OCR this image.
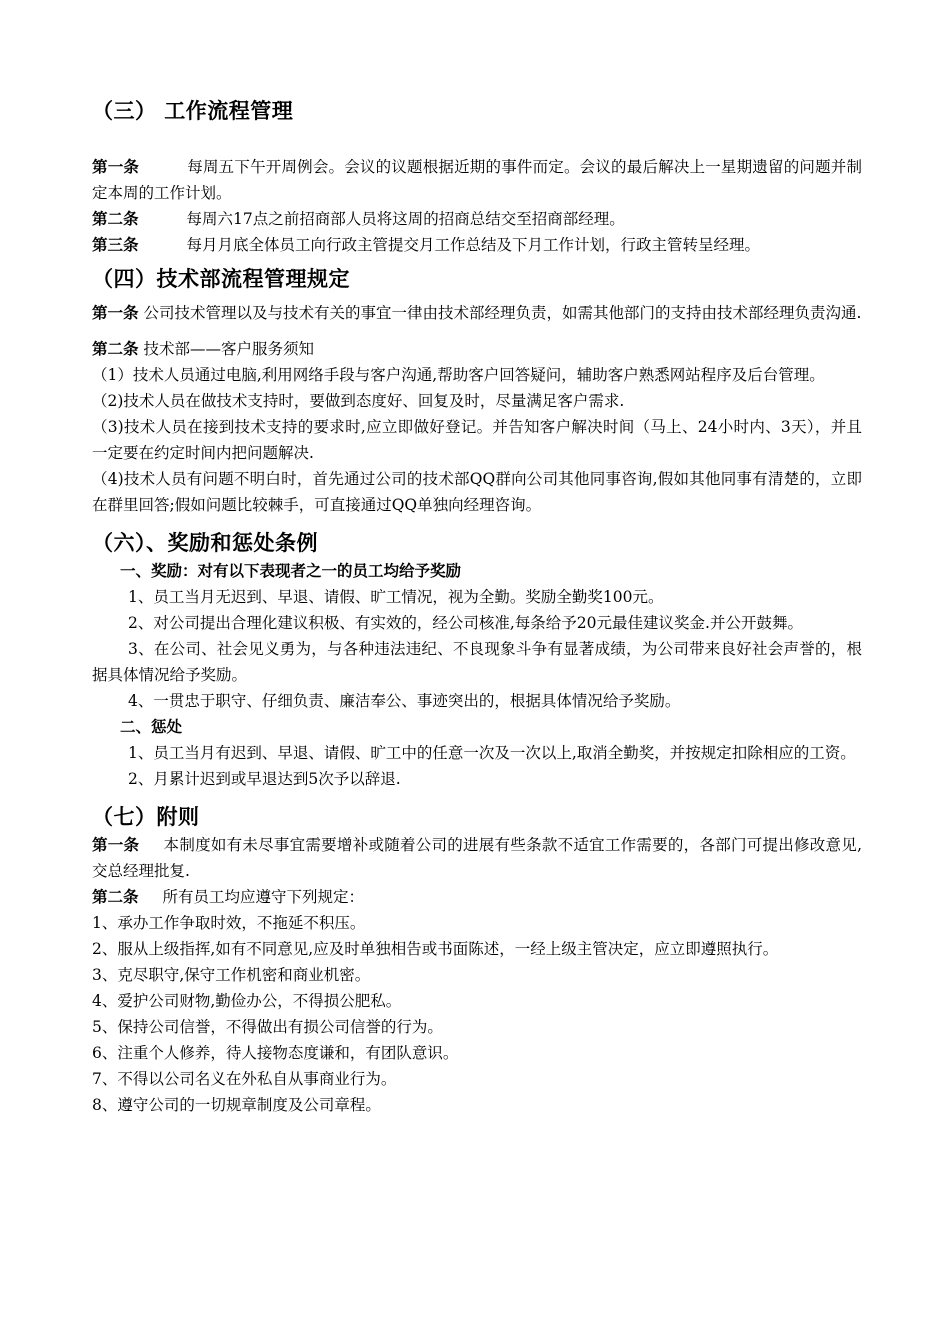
（三） 工作流程管理

第一条	每周五下午开周例会。会议的议题根据近期的事件而定。会议的最后解决上一星期遗留的问题并制定本周的工作计划。

第二条	每周六17点之前招商部人员将这周的招商总结交至招商部经理。

第三条	每月月底全体员工向行政主管提交月工作总结及下月工作计划，行政主管转呈经理。

（四）技术部流程管理规定

第一条 公司技术管理以及与技术有关的事宜一律由技术部经理负责，如需其他部门的支持由技术部经理负责沟通.

第二条 技术部——客户服务须知

（1）技术人员通过电脑,利用网络手段与客户沟通,帮助客户回答疑问，辅助客户熟悉网站程序及后台管理。

（2)技术人员在做技术支持时，要做到态度好、回复及时，尽量满足客户需求.

（3)技术人员在接到技术支持的要求时,应立即做好登记。并告知客户解决时间（马上、24小时内、3天），并且一定要在约定时间内把问题解决.

（4)技术人员有问题不明白时，首先通过公司的技术部QQ群向公司其他同事咨询,假如其他同事有清楚的，立即在群里回答;假如问题比较棘手，可直接通过QQ单独向经理咨询。

（六）、奖励和惩处条例

一、奖励：对有以下表现者之一的员工均给予奖励

1、员工当月无迟到、早退、请假、旷工情况，视为全勤。奖励全勤奖100元。

2、对公司提出合理化建议积极、有实效的，经公司核准,每条给予20元最佳建议奖金.并公开鼓舞。

3、在公司、社会见义勇为，与各种违法违纪、不良现象斗争有显著成绩，为公司带来良好社会声誉的，根据具体情况给予奖励。

4、一贯忠于职守、仔细负责、廉洁奉公、事迹突出的，根据具体情况给予奖励。

二、惩处

1、员工当月有迟到、早退、请假、旷工中的任意一次及一次以上,取消全勤奖，并按规定扣除相应的工资。

2、月累计迟到或早退达到5次予以辞退.

（七）附则

第一条 本制度如有未尽事宜需要增补或随着公司的进展有些条款不适宜工作需要的，各部门可提出修改意见,交总经理批复.

第二条 所有员工均应遵守下列规定：

1、承办工作争取时效，不拖延不积压。

2、服从上级指挥,如有不同意见,应及时单独相告或书面陈述，一经上级主管决定，应立即遵照执行。

3、克尽职守,保守工作机密和商业机密。

4、爱护公司财物,勤俭办公，不得损公肥私。

5、保持公司信誉，不得做出有损公司信誉的行为。

6、注重个人修养，待人接物态度谦和，有团队意识。

7、不得以公司名义在外私自从事商业行为。

8、遵守公司的一切规章制度及公司章程。
